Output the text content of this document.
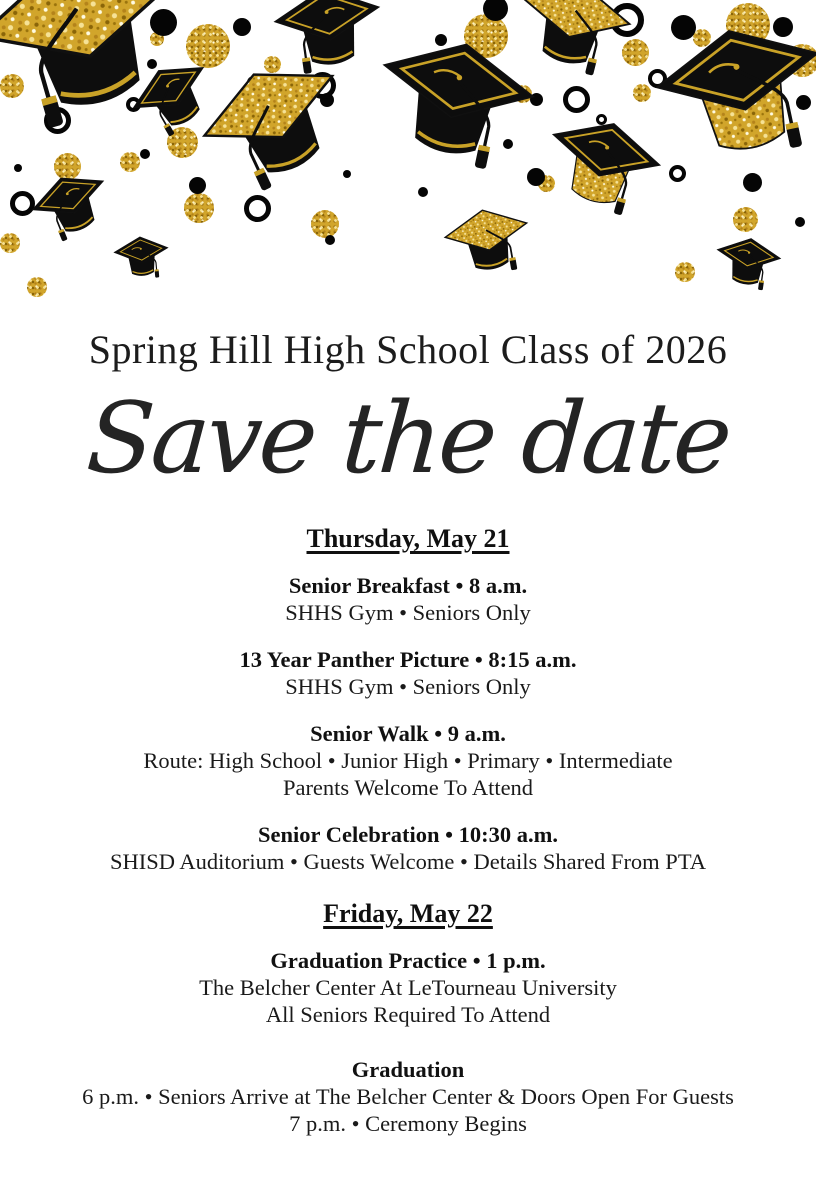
Spring Hill High School Class of 2026
Save the date
Thursday, May 21

Senior Breakfast • 8 a.m.

SHHS Gym • Seniors Only

13 Year Panther Picture • 8:15 a.m.

SHHS Gym • Seniors Only

Senior Walk • 9 a.m.

Route: High School • Junior High • Primary • Intermediate

Parents Welcome To Attend

Senior Celebration • 10:30 a.m.

SHISD Auditorium • Guests Welcome • Details Shared From PTA

Friday, May 22

Graduation Practice • 1 p.m.

The Belcher Center At LeTourneau University

All Seniors Required To Attend

Graduation

6 p.m. • Seniors Arrive at The Belcher Center & Doors Open For Guests

7 p.m. • Ceremony Begins
